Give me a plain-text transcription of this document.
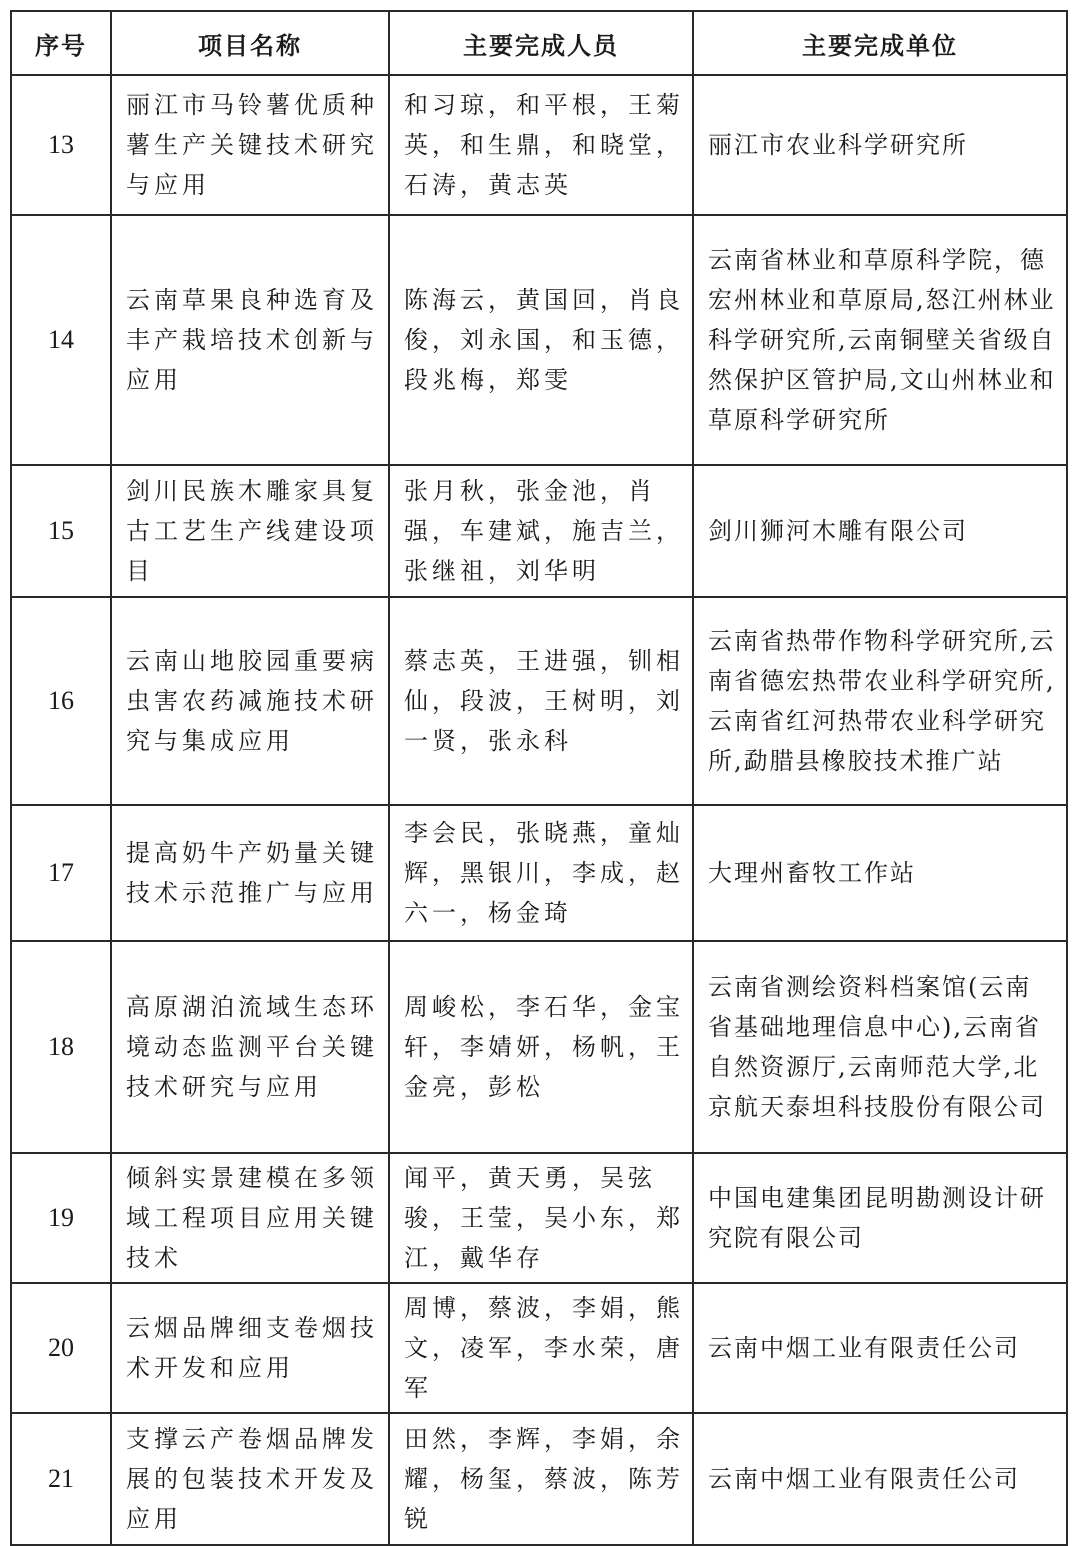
序号	项目名称	主要完成人员	主要完成单位
13	丽江市马铃薯优质种薯生产关键技术研究与应用	和习琼，和平根，王菊英，和生鼎，和晓堂，石涛，黄志英	丽江市农业科学研究所
14	云南草果良种选育及丰产栽培技术创新与应用	陈海云，黄国回，肖良俊，刘永国，和玉德，段兆梅，郑雯	云南省林业和草原科学院，德宏州林业和草原局,怒江州林业科学研究所,云南铜壁关省级自然保护区管护局,文山州林业和草原科学研究所
15	剑川民族木雕家具复古工艺生产线建设项目	张月秋，张金池，肖强，车建斌，施吉兰，张继祖，刘华明	剑川狮河木雕有限公司
16	云南山地胶园重要病虫害农药减施技术研究与集成应用	蔡志英，王进强，钏相仙，段波，王树明，刘一贤，张永科	云南省热带作物科学研究所,云南省德宏热带农业科学研究所,云南省红河热带农业科学研究所,勐腊县橡胶技术推广站
17	提高奶牛产奶量关键技术示范推广与应用	李会民，张晓燕，童灿辉，黑银川，李成，赵六一，杨金琦	大理州畜牧工作站
18	高原湖泊流域生态环境动态监测平台关键技术研究与应用	周峻松，李石华，金宝轩，李婧妍，杨帆，王金亮，彭松	云南省测绘资料档案馆(云南省基础地理信息中心),云南省自然资源厅,云南师范大学,北京航天泰坦科技股份有限公司
19	倾斜实景建模在多领域工程项目应用关键技术	闻平，黄天勇，吴弦骏，王莹，吴小东，郑江，戴华存	中国电建集团昆明勘测设计研究院有限公司
20	云烟品牌细支卷烟技术开发和应用	周博，蔡波，李娟，熊文，凌军，李水荣，唐军	云南中烟工业有限责任公司
21	支撑云产卷烟品牌发展的包装技术开发及应用	田然，李辉，李娟，余耀，杨玺，蔡波，陈芳锐	云南中烟工业有限责任公司
